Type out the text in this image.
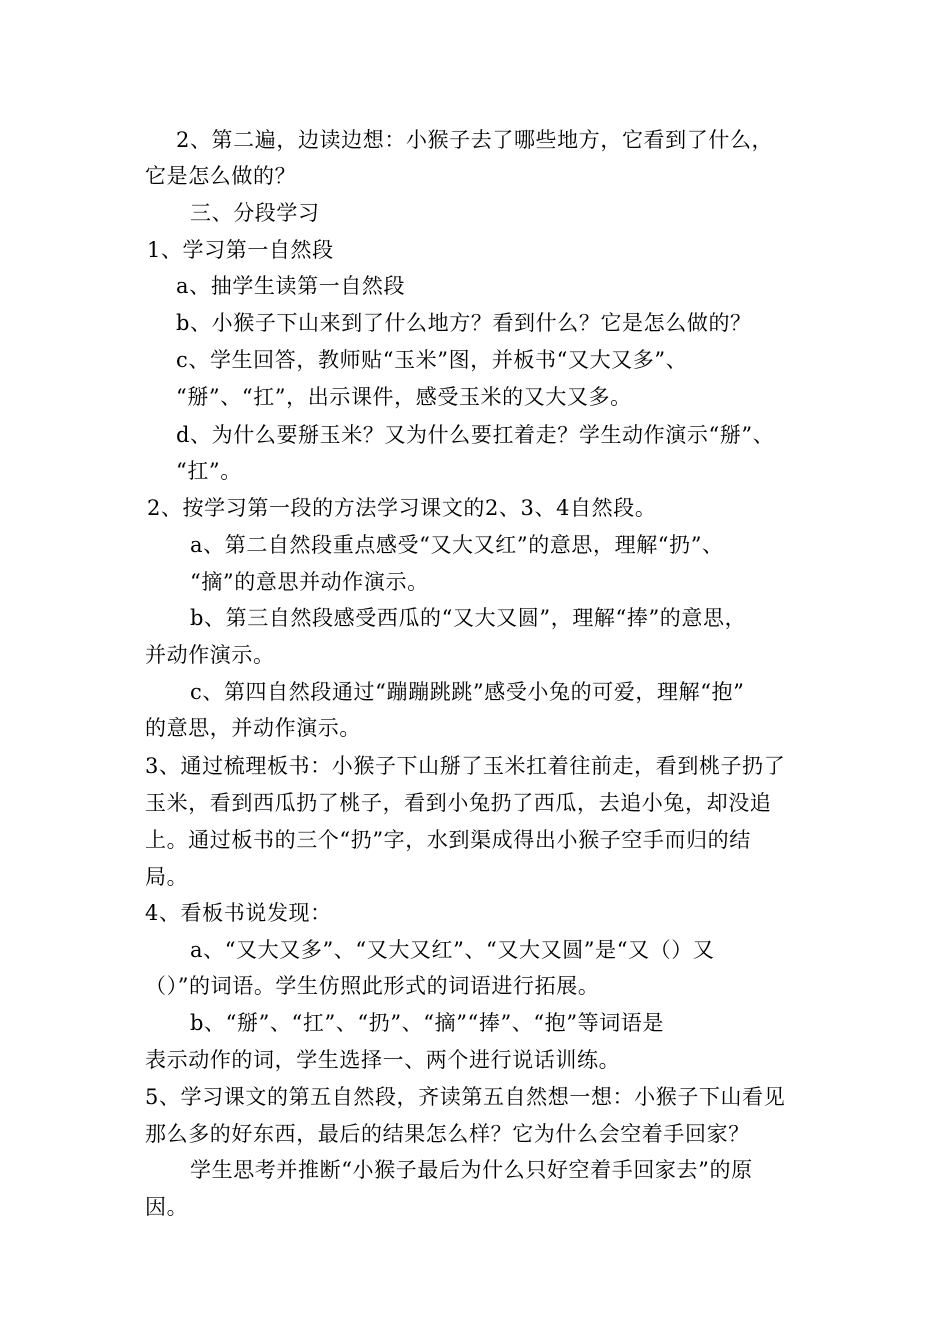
2、第二遍，边读边想：小猴子去了哪些地方，它看到了什么，
它是怎么做的？
三、分段学习
1、学习第一自然段
a、抽学生读第一自然段
b、小猴子下山来到了什么地方？看到什么？它是怎么做的？
c、学生回答，教师贴“玉米”图，并板书“又大又多”、
“掰”、“扛”，出示课件，感受玉米的又大又多。
d、为什么要掰玉米？又为什么要扛着走？学生动作演示“掰”、
“扛”。
2、按学习第一段的方法学习课文的2、3、4自然段。
a、第二自然段重点感受“又大又红”的意思，理解“扔”、
“摘”的意思并动作演示。
b、第三自然段感受西瓜的“又大又圆”，理解“捧”的意思，
并动作演示。
c、第四自然段通过“蹦蹦跳跳”感受小兔的可爱，理解“抱”
的意思，并动作演示。
3、通过梳理板书：小猴子下山掰了玉米扛着往前走，看到桃子扔了
玉米，看到西瓜扔了桃子，看到小兔扔了西瓜，去追小兔，却没追
上。通过板书的三个“扔”字，水到渠成得出小猴子空手而归的结
局。
4、看板书说发现：
a、“又大又多”、“又大又红”、“又大又圆”是“又（）又
（）”的词语。学生仿照此形式的词语进行拓展。
b、“掰”、“扛”、“扔”、“摘”“捧”、“抱”等词语是
表示动作的词，学生选择一、两个进行说话训练。
5、学习课文的第五自然段，齐读第五自然想一想：小猴子下山看见
那么多的好东西，最后的结果怎么样？它为什么会空着手回家？
学生思考并推断“小猴子最后为什么只好空着手回家去”的原
因。
